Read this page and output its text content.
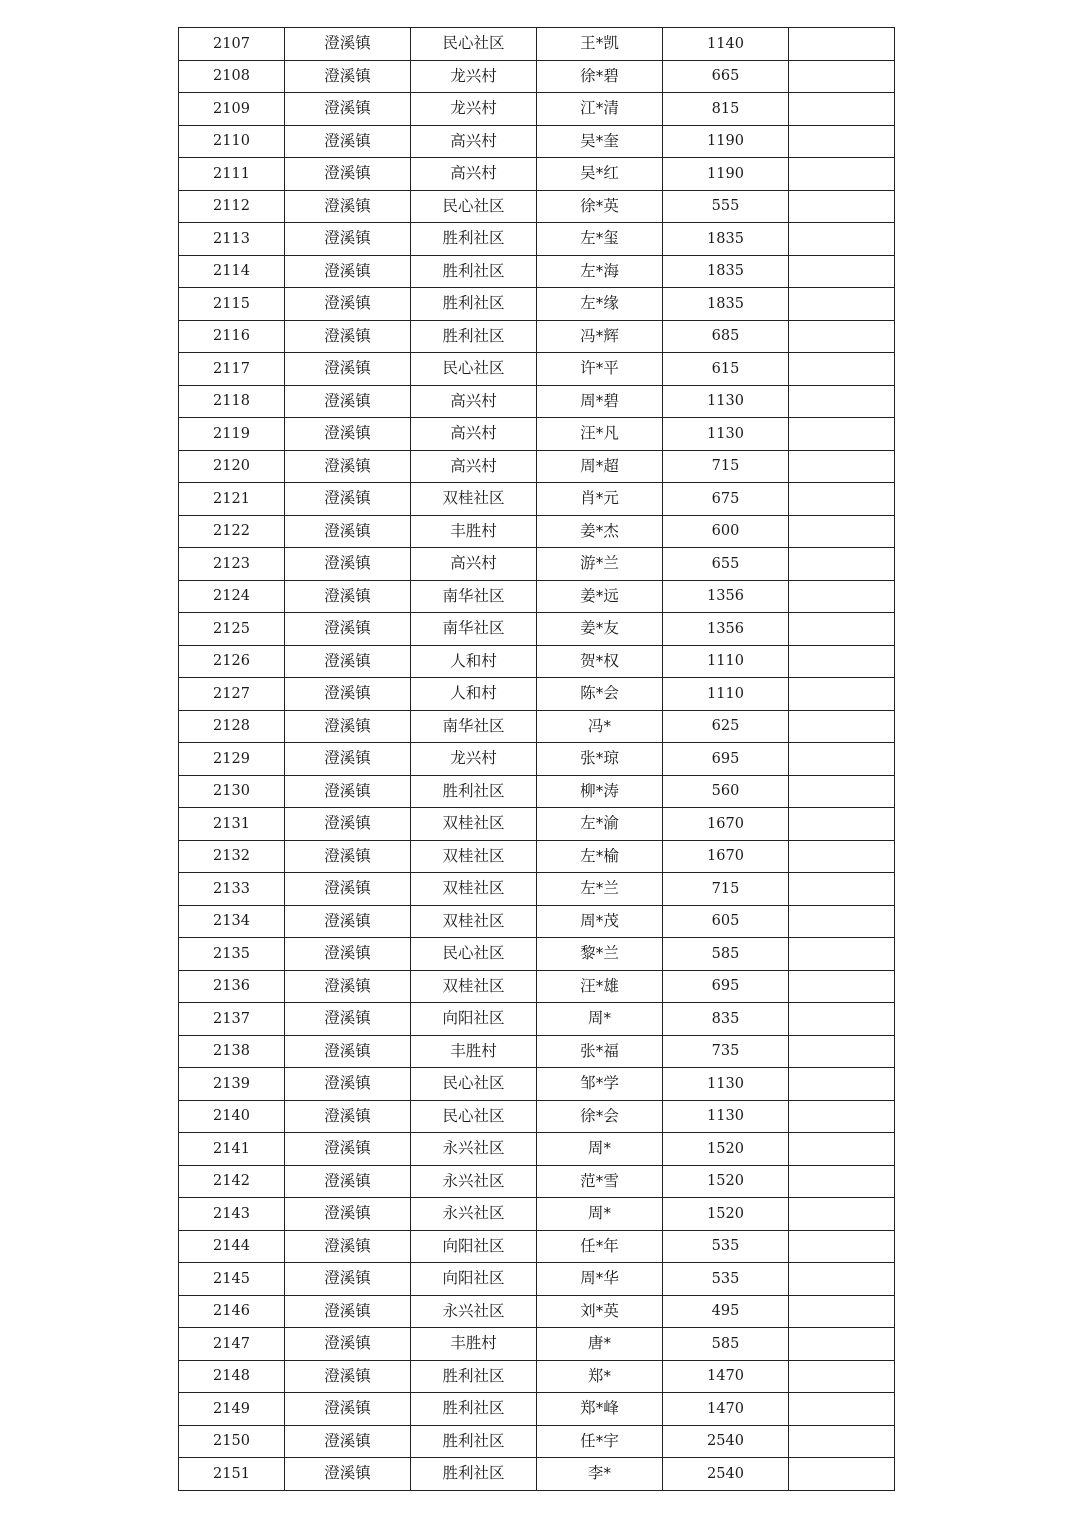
2107	澄溪镇	民心社区	王*凯	1140	
2108	澄溪镇	龙兴村	徐*碧	665	
2109	澄溪镇	龙兴村	江*清	815	
2110	澄溪镇	高兴村	吴*奎	1190	
2111	澄溪镇	高兴村	吴*红	1190	
2112	澄溪镇	民心社区	徐*英	555	
2113	澄溪镇	胜利社区	左*玺	1835	
2114	澄溪镇	胜利社区	左*海	1835	
2115	澄溪镇	胜利社区	左*缘	1835	
2116	澄溪镇	胜利社区	冯*辉	685	
2117	澄溪镇	民心社区	许*平	615	
2118	澄溪镇	高兴村	周*碧	1130	
2119	澄溪镇	高兴村	汪*凡	1130	
2120	澄溪镇	高兴村	周*超	715	
2121	澄溪镇	双桂社区	肖*元	675	
2122	澄溪镇	丰胜村	姜*杰	600	
2123	澄溪镇	高兴村	游*兰	655	
2124	澄溪镇	南华社区	姜*远	1356	
2125	澄溪镇	南华社区	姜*友	1356	
2126	澄溪镇	人和村	贺*权	1110	
2127	澄溪镇	人和村	陈*会	1110	
2128	澄溪镇	南华社区	冯*	625	
2129	澄溪镇	龙兴村	张*琼	695	
2130	澄溪镇	胜利社区	柳*涛	560	
2131	澄溪镇	双桂社区	左*渝	1670	
2132	澄溪镇	双桂社区	左*榆	1670	
2133	澄溪镇	双桂社区	左*兰	715	
2134	澄溪镇	双桂社区	周*茂	605	
2135	澄溪镇	民心社区	黎*兰	585	
2136	澄溪镇	双桂社区	汪*雄	695	
2137	澄溪镇	向阳社区	周*	835	
2138	澄溪镇	丰胜村	张*福	735	
2139	澄溪镇	民心社区	邹*学	1130	
2140	澄溪镇	民心社区	徐*会	1130	
2141	澄溪镇	永兴社区	周*	1520	
2142	澄溪镇	永兴社区	范*雪	1520	
2143	澄溪镇	永兴社区	周*	1520	
2144	澄溪镇	向阳社区	任*年	535	
2145	澄溪镇	向阳社区	周*华	535	
2146	澄溪镇	永兴社区	刘*英	495	
2147	澄溪镇	丰胜村	唐*	585	
2148	澄溪镇	胜利社区	郑*	1470	
2149	澄溪镇	胜利社区	郑*峰	1470	
2150	澄溪镇	胜利社区	任*宇	2540	
2151	澄溪镇	胜利社区	李*	2540	
